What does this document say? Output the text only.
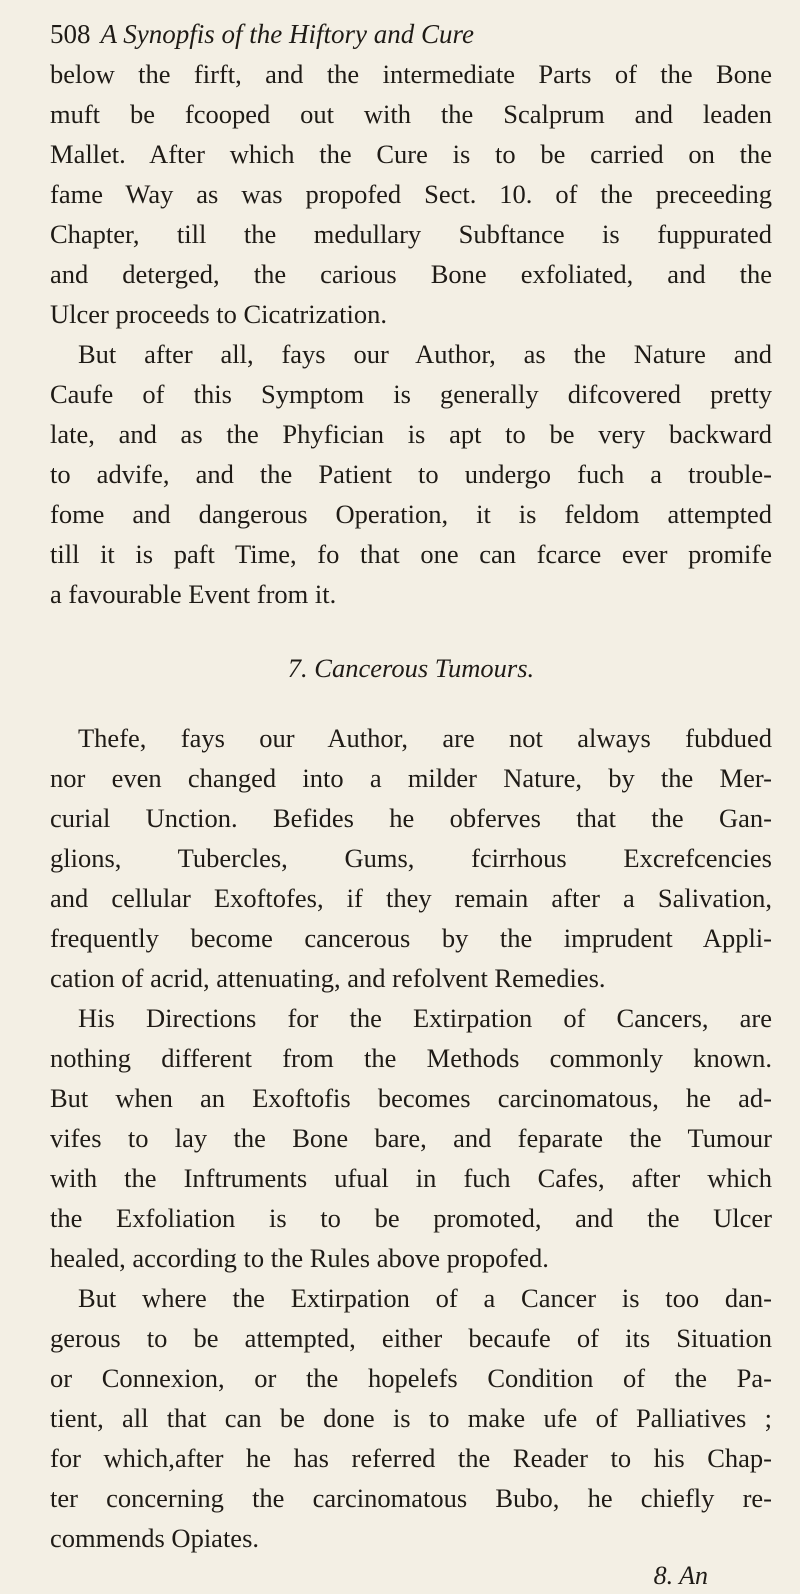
508 A Synopfis of the Hiftory and Cure
below the firft, and the intermediate Parts of the Bone
muft be fcooped out with the Scalprum and leaden
Mallet. After which the Cure is to be carried on the
fame Way as was propofed Sect. 10. of the preceeding
Chapter, till the medullary Subftance is fuppurated
and deterged, the carious Bone exfoliated, and the
Ulcer proceeds to Cicatrization.
But after all, fays our Author, as the Nature and
Caufe of this Symptom is generally difcovered pretty
late, and as the Phyfician is apt to be very backward
to advife, and the Patient to undergo fuch a trouble-
fome and dangerous Operation, it is feldom attempted
till it is paft Time, fo that one can fcarce ever promife
a favourable Event from it.
7. Cancerous Tumours.
Thefe, fays our Author, are not always fubdued
nor even changed into a milder Nature, by the Mer-
curial Unction. Befides he obferves that the Gan-
glions, Tubercles, Gums, fcirrhous Excrefcencies
and cellular Exoftofes, if they remain after a Salivation,
frequently become cancerous by the imprudent Appli-
cation of acrid, attenuating, and refolvent Remedies.
His Directions for the Extirpation of Cancers, are
nothing different from the Methods commonly known.
But when an Exoftofis becomes carcinomatous, he ad-
vifes to lay the Bone bare, and feparate the Tumour
with the Inftruments ufual in fuch Cafes, after which
the Exfoliation is to be promoted, and the Ulcer
healed, according to the Rules above propofed.
But where the Extirpation of a Cancer is too dan-
gerous to be attempted, either becaufe of its Situation
or Connexion, or the hopelefs Condition of the Pa-
tient, all that can be done is to make ufe of Palliatives ;
for which,after he has referred the Reader to his Chap-
ter concerning the carcinomatous Bubo, he chiefly re-
commends Opiates.
8. An
